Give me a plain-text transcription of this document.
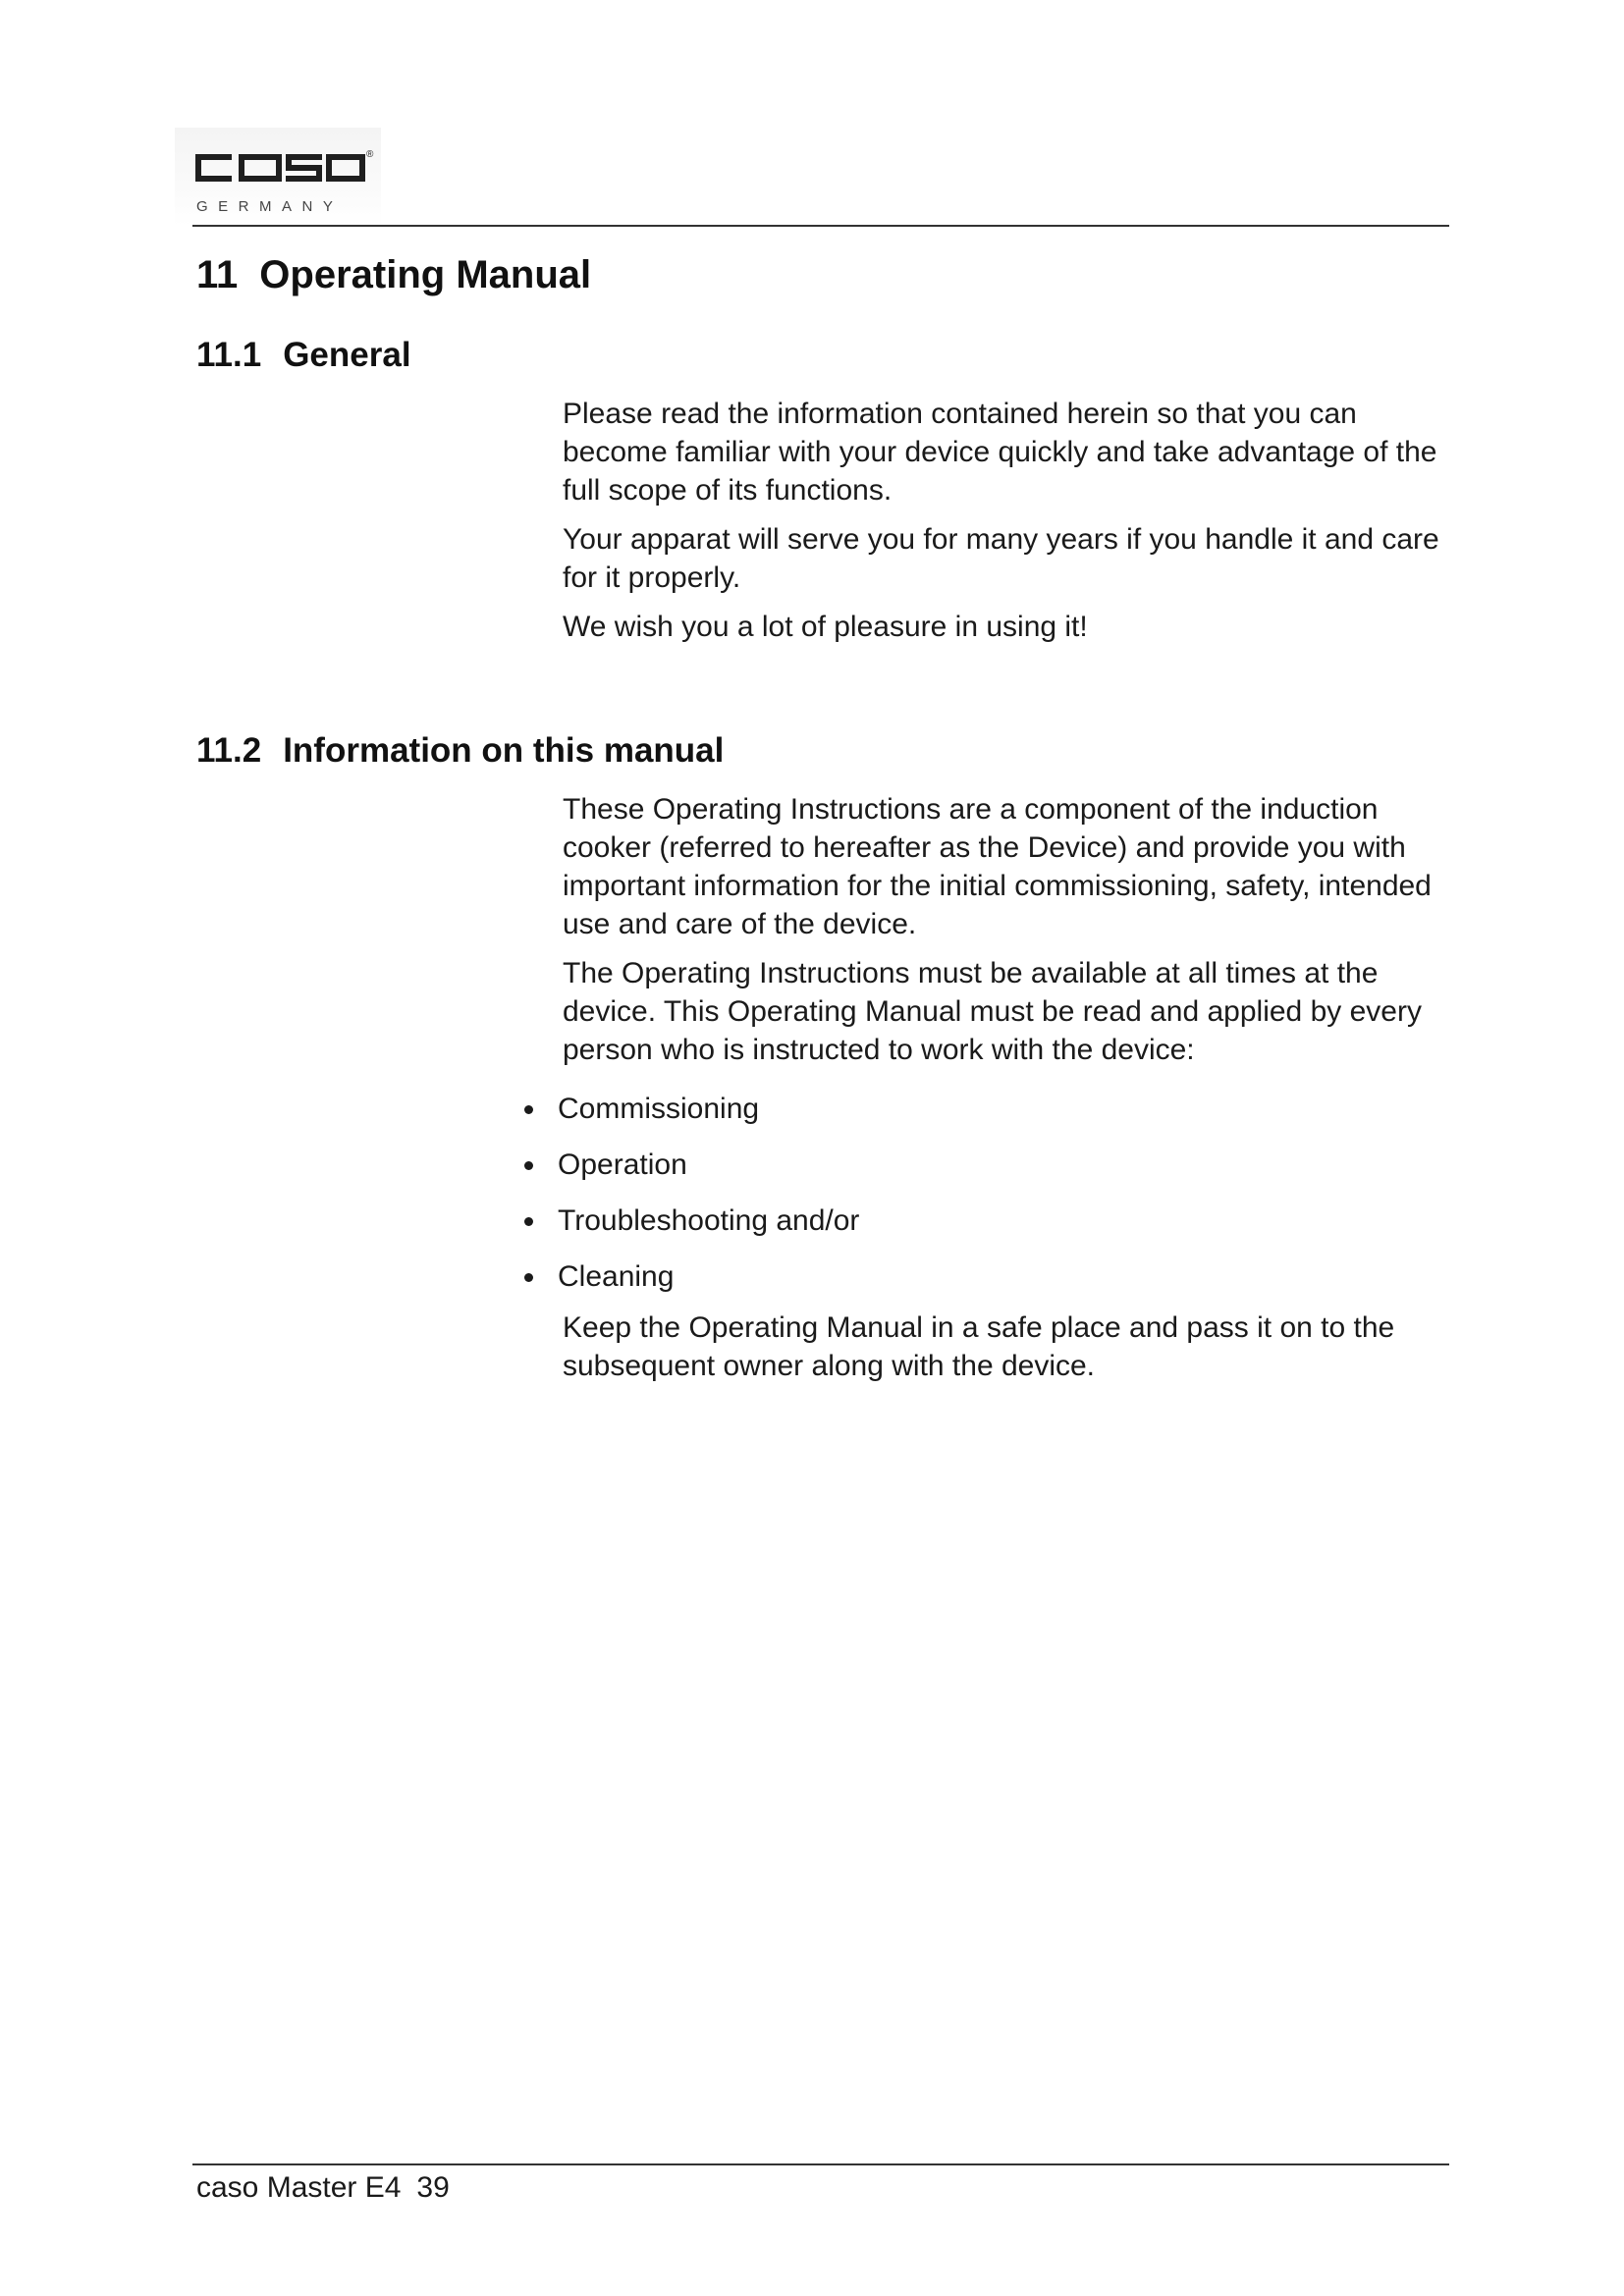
®
GERMANY
11 Operating Manual
11.1 General

Please read the information contained herein so that you can become familiar with your device quickly and take advantage of the full scope of its functions.

Your apparat will serve you for many years if you handle it and care for it properly.

We wish you a lot of pleasure in using it!

11.2 Information on this manual

These Operating Instructions are a component of the induction cooker (referred to hereafter as the Device) and provide you with important information for the initial commissioning, safety, intended use and care of the device.

The Operating Instructions must be available at all times at the device. This Operating Manual must be read and applied by every person who is instructed to work with the device:

Commissioning
Operation
Troubleshooting and/or
Cleaning

Keep the Operating Manual in a safe place and pass it on to the subsequent owner along with the device.

caso Master E4 39
